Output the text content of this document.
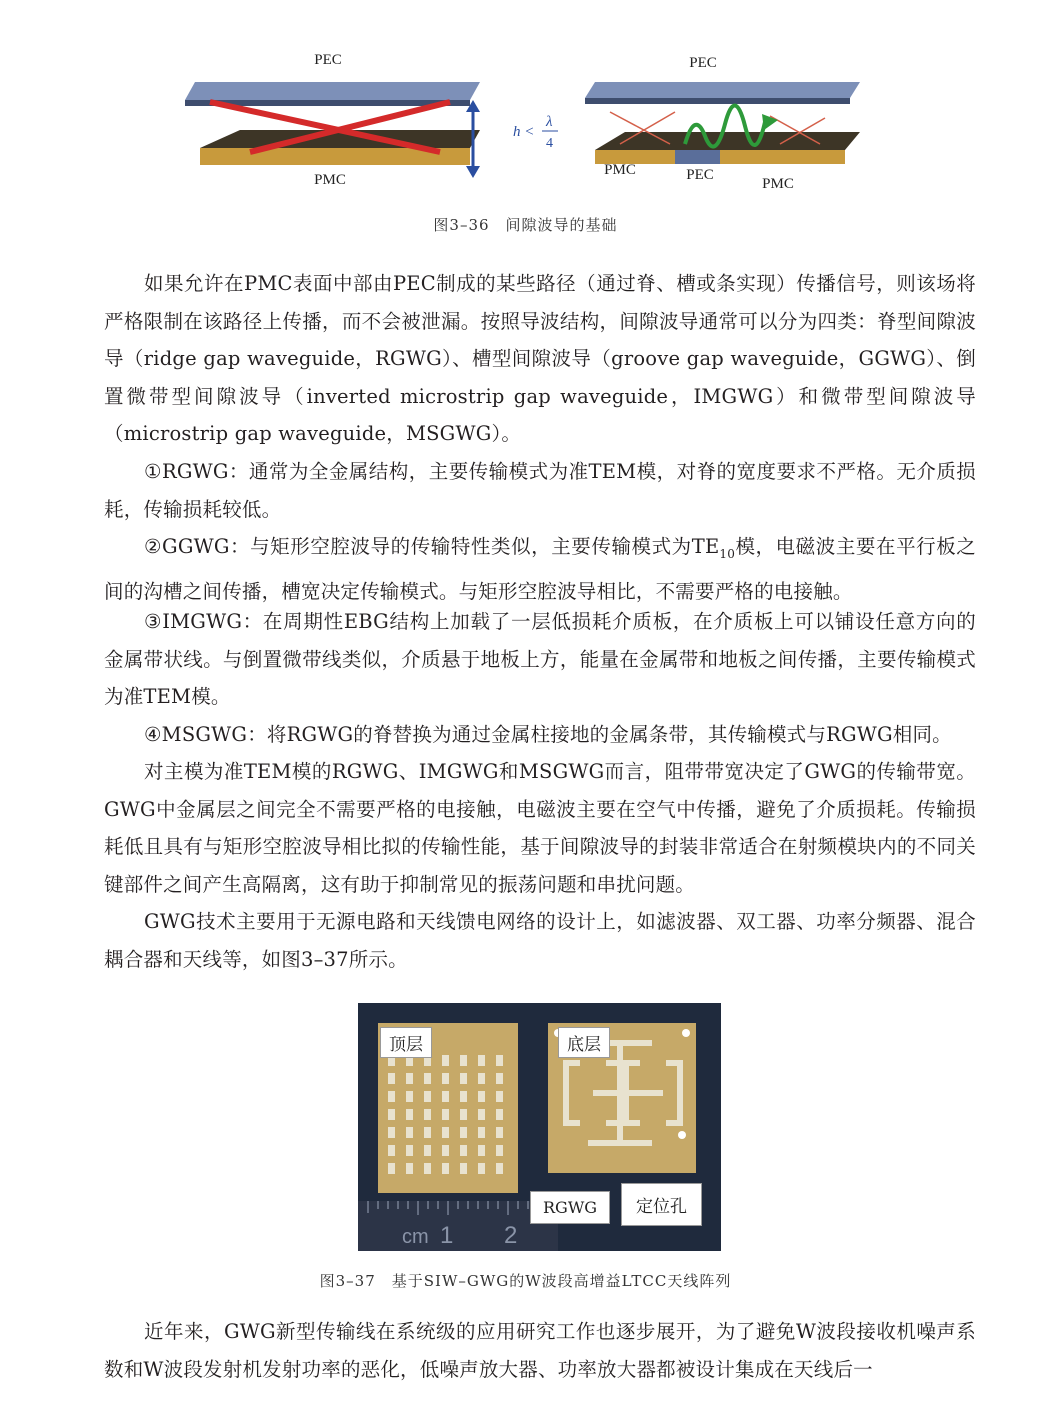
PEC
PMC
h <
λ
4
PEC
PMC	PEC
PMC
图3–36　间隙波导的基础

如果允许在PMC表面中部由PEC制成的某些路径（通过脊、槽或条实现）传播信号，则该场将严格限制在该路径上传播，而不会被泄漏。按照导波结构，间隙波导通常可以分为四类：脊型间隙波导（ridge gap waveguide，RGWG）、槽型间隙波导（groove gap waveguide，GGWG）、倒置微带型间隙波导（inverted microstrip gap waveguide，IMGWG）和微带型间隙波导（microstrip gap waveguide，MSGWG）。

①RGWG：通常为全金属结构，主要传输模式为准TEM模，对脊的宽度要求不严格。无介质损耗，传输损耗较低。

②GGWG：与矩形空腔波导的传输特性类似，主要传输模式为$TE_{10}$模，电磁波主要在平行板之间的沟槽之间传播，槽宽决定传输模式。与矩形空腔波导相比，不需要严格的电接触。

③IMGWG：在周期性EBG结构上加载了一层低损耗介质板，在介质板上可以铺设任意方向的金属带状线。与倒置微带线类似，介质悬于地板上方，能量在金属带和地板之间传播，主要传输模式为准TEM模。

④MSGWG：将RGWG的脊替换为通过金属柱接地的金属条带，其传输模式与RGWG相同。

对主模为准TEM模的RGWG、IMGWG和MSGWG而言，阻带带宽决定了GWG的传输带宽。GWG中金属层之间完全不需要严格的电接触，电磁波主要在空气中传播，避免了介质损耗。传输损耗低且具有与矩形空腔波导相比拟的传输性能，基于间隙波导的封装非常适合在射频模块内的不同关键部件之间产生高隔离，这有助于抑制常见的振荡问题和串扰问题。

GWG技术主要用于无源电路和天线馈电网络的设计上，如滤波器、双工器、功率分频器、混合耦合器和天线等，如图3–37所示。

cm 1 2
顶层	底层
RGWG	定位孔
图3–37　基于SIW–GWG的W波段高增益LTCC天线阵列

近年来，GWG新型传输线在系统级的应用研究工作也逐步展开，为了避免W波段接收机噪声系数和W波段发射机发射功率的恶化，低噪声放大器、功率放大器都被设计集成在天线后一
